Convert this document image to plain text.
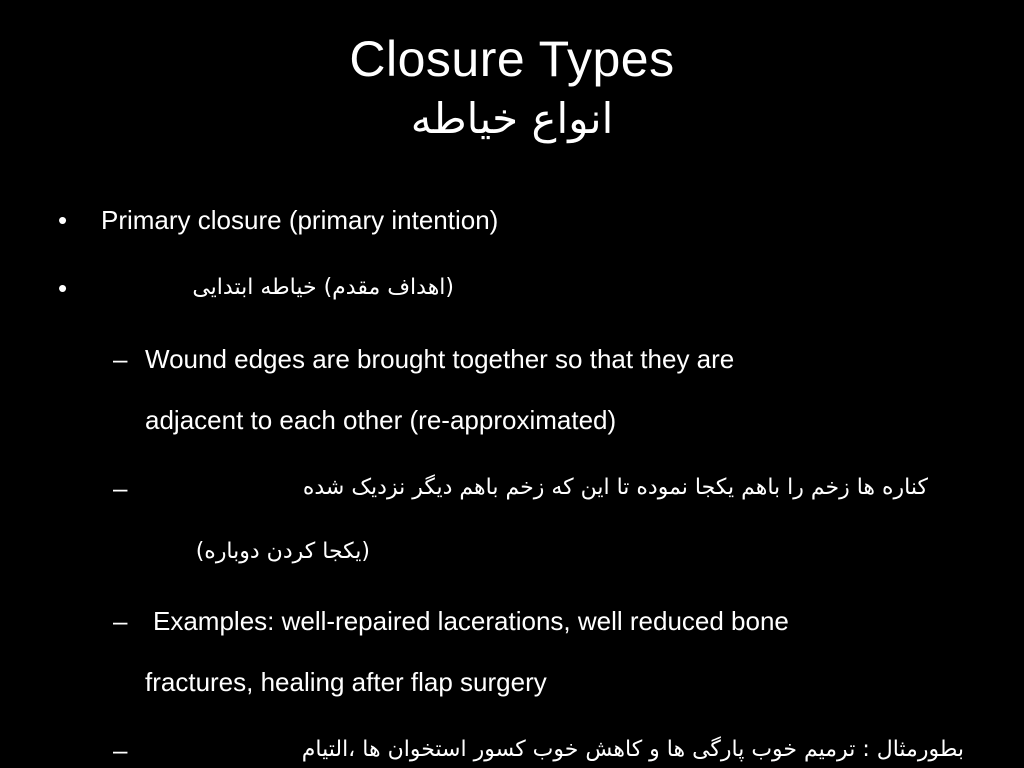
Closure Types
انواع خیاطه
• Primary closure (primary intention)
•	(اهداف مقدم) خیاطه ابتدایی
– Wound edges are brought together so that they are
adjacent to each other (re-approximated)
–	کناره ها زخم را باهم یکجا نموده تا این که زخم باهم دیگر نزدیک شده
(یکجا کردن دوباره)
– Examples: well-repaired lacerations, well reduced bone
fractures, healing after flap surgery
–	بطورمثال : ترمیم خوب پارگی ها و کاهش خوب کسور استخوان ها ،التیام
